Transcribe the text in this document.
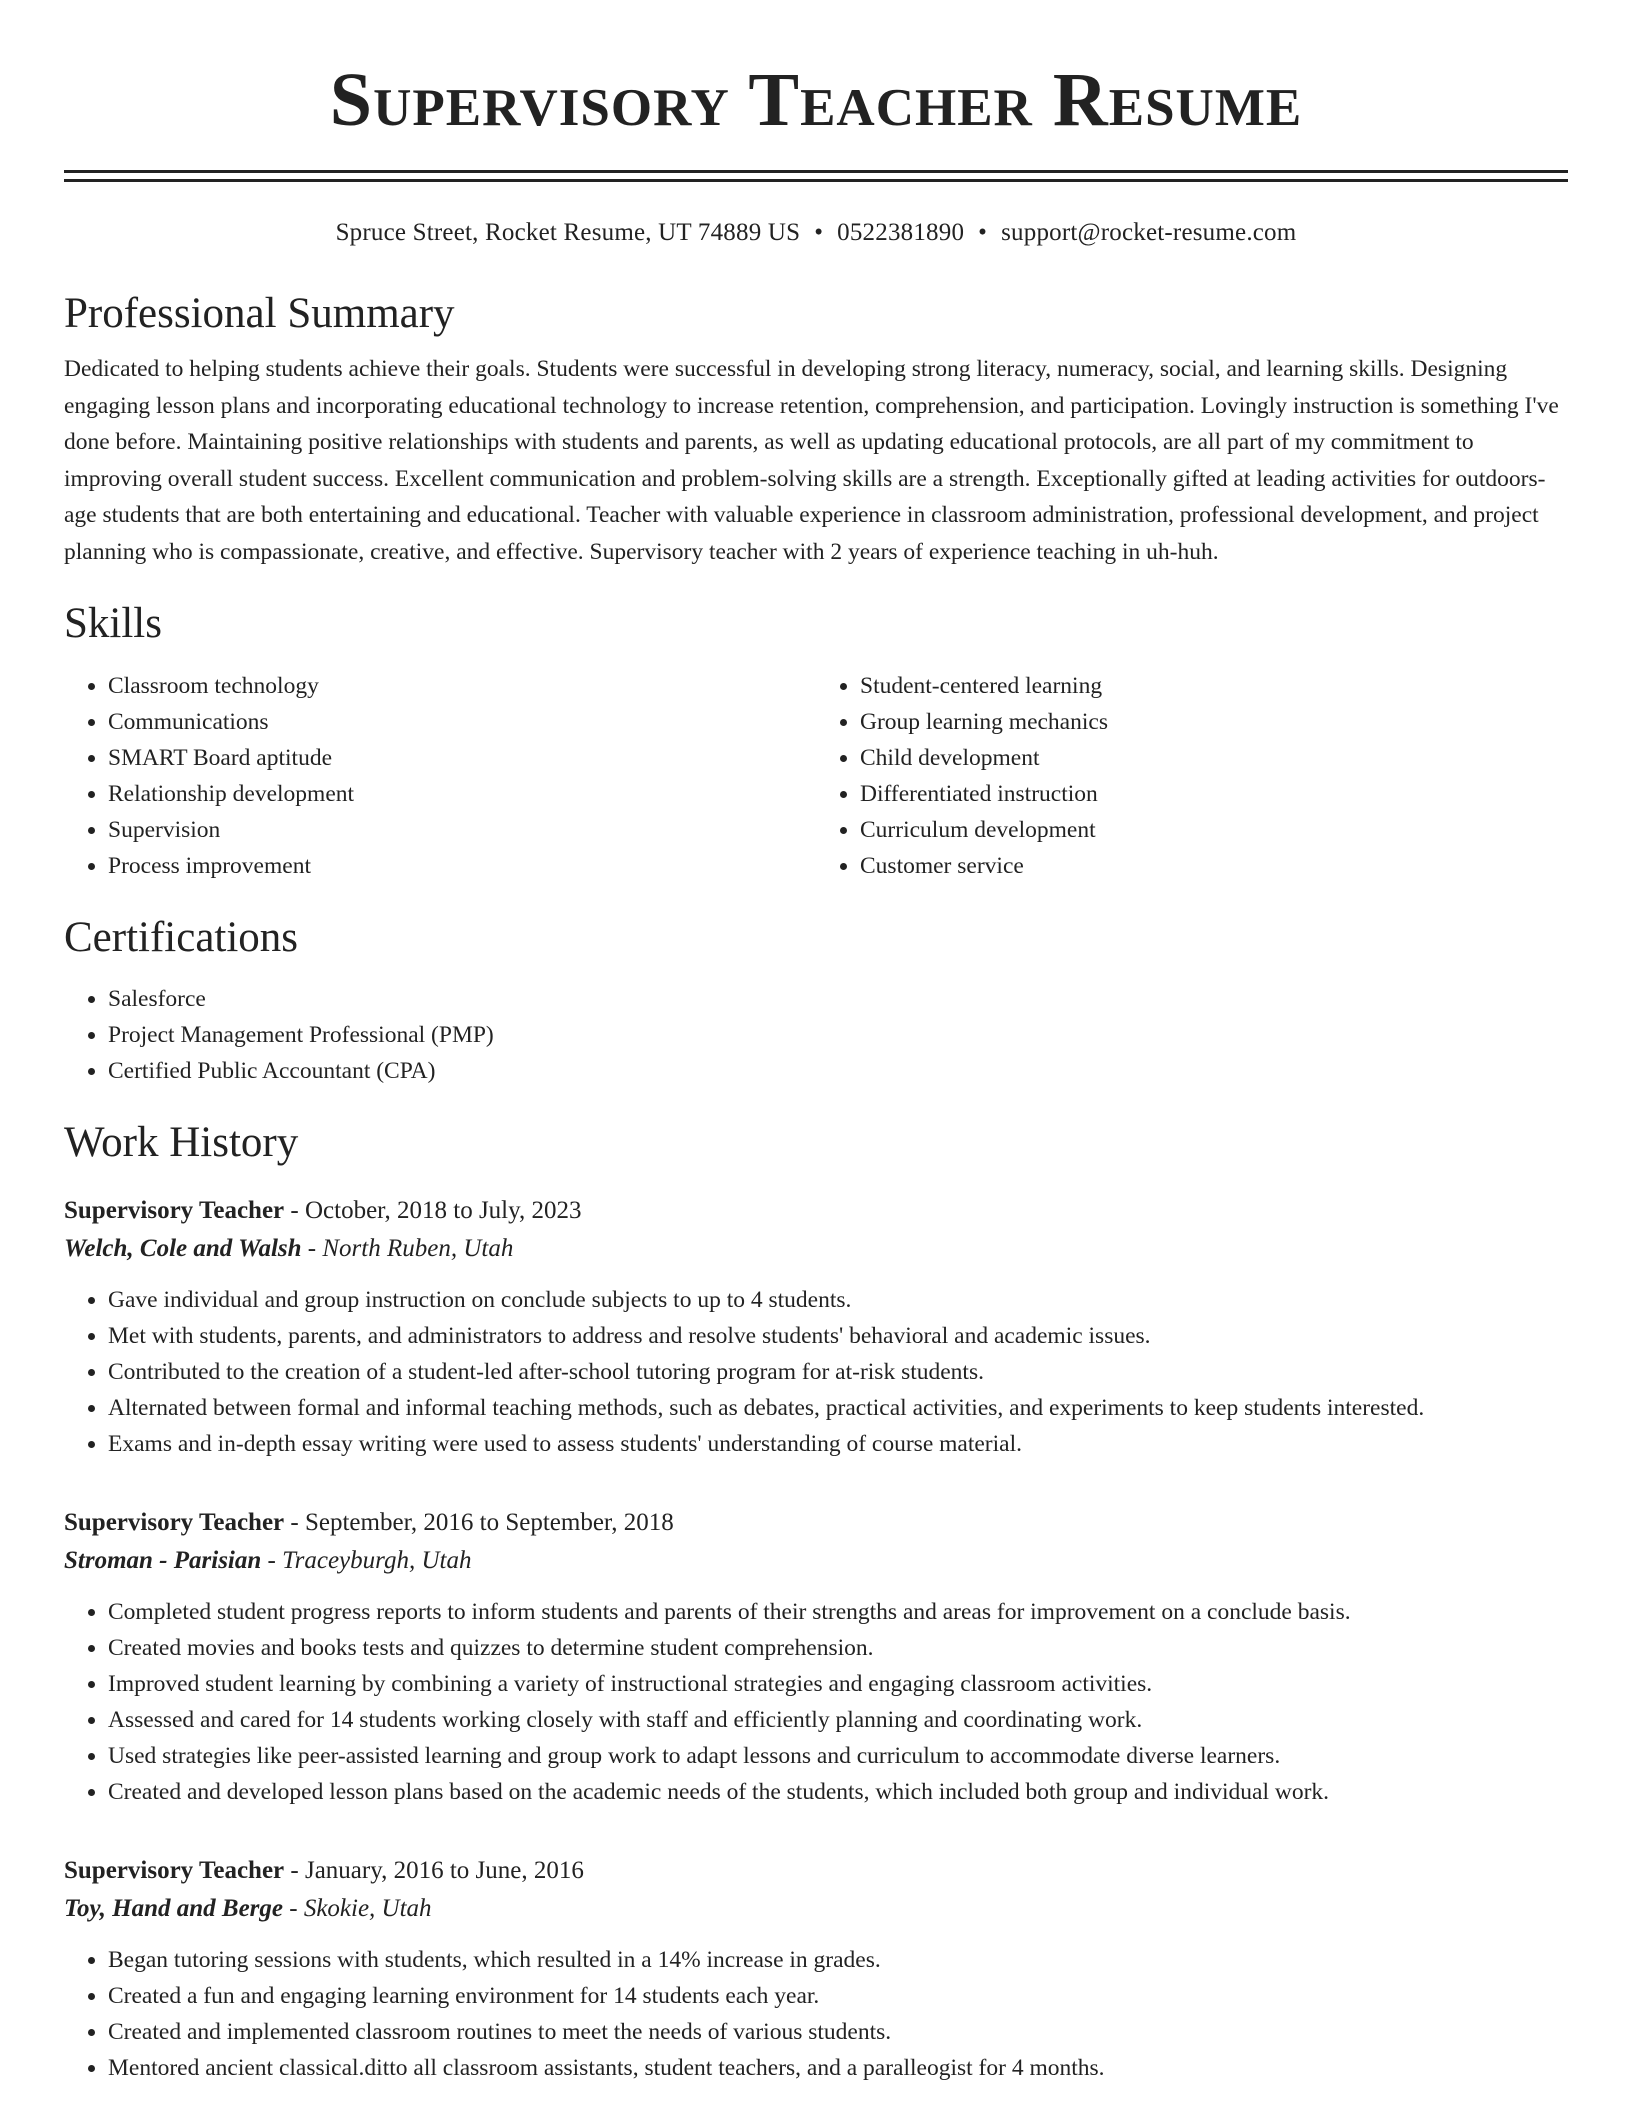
Supervisory Teacher Resume
Spruce Street, Rocket Resume, UT 74889 US • 0522381890 • support@rocket-resume.com
Professional Summary

Dedicated to helping students achieve their goals. Students were successful in developing strong literacy, numeracy, social, and learning skills. Designing engaging lesson plans and incorporating educational technology to increase retention, comprehension, and participation. Lovingly instruction is something I've done before. Maintaining positive relationships with students and parents, as well as updating educational protocols, are all part of my commitment to improving overall student success. Excellent communication and problem-solving skills are a strength. Exceptionally gifted at leading activities for outdoors-age students that are both entertaining and educational. Teacher with valuable experience in classroom administration, professional development, and project planning who is compassionate, creative, and effective. Supervisory teacher with 2 years of experience teaching in uh-huh.

Skills
• Classroom technology
• Communications
• SMART Board aptitude
• Relationship development
• Supervision
• Process improvement
• Student-centered learning
• Group learning mechanics
• Child development
• Differentiated instruction
• Curriculum development
• Customer service
Certifications
• Salesforce
• Project Management Professional (PMP)
• Certified Public Accountant (CPA)
Work History
Supervisory Teacher - October, 2018 to July, 2023
Welch, Cole and Walsh - North Ruben, Utah
• Gave individual and group instruction on conclude subjects to up to 4 students.
• Met with students, parents, and administrators to address and resolve students' behavioral and academic issues.
• Contributed to the creation of a student-led after-school tutoring program for at-risk students.
• Alternated between formal and informal teaching methods, such as debates, practical activities, and experiments to keep students interested.
• Exams and in-depth essay writing were used to assess students' understanding of course material.
Supervisory Teacher - September, 2016 to September, 2018
Stroman - Parisian - Traceyburgh, Utah
• Completed student progress reports to inform students and parents of their strengths and areas for improvement on a conclude basis.
• Created movies and books tests and quizzes to determine student comprehension.
• Improved student learning by combining a variety of instructional strategies and engaging classroom activities.
• Assessed and cared for 14 students working closely with staff and efficiently planning and coordinating work.
• Used strategies like peer-assisted learning and group work to adapt lessons and curriculum to accommodate diverse learners.
• Created and developed lesson plans based on the academic needs of the students, which included both group and individual work.
Supervisory Teacher - January, 2016 to June, 2016
Toy, Hand and Berge - Skokie, Utah
• Began tutoring sessions with students, which resulted in a 14% increase in grades.
• Created a fun and engaging learning environment for 14 students each year.
• Created and implemented classroom routines to meet the needs of various students.
• Mentored ancient classical.ditto all classroom assistants, student teachers, and a paralleogist for 4 months.
